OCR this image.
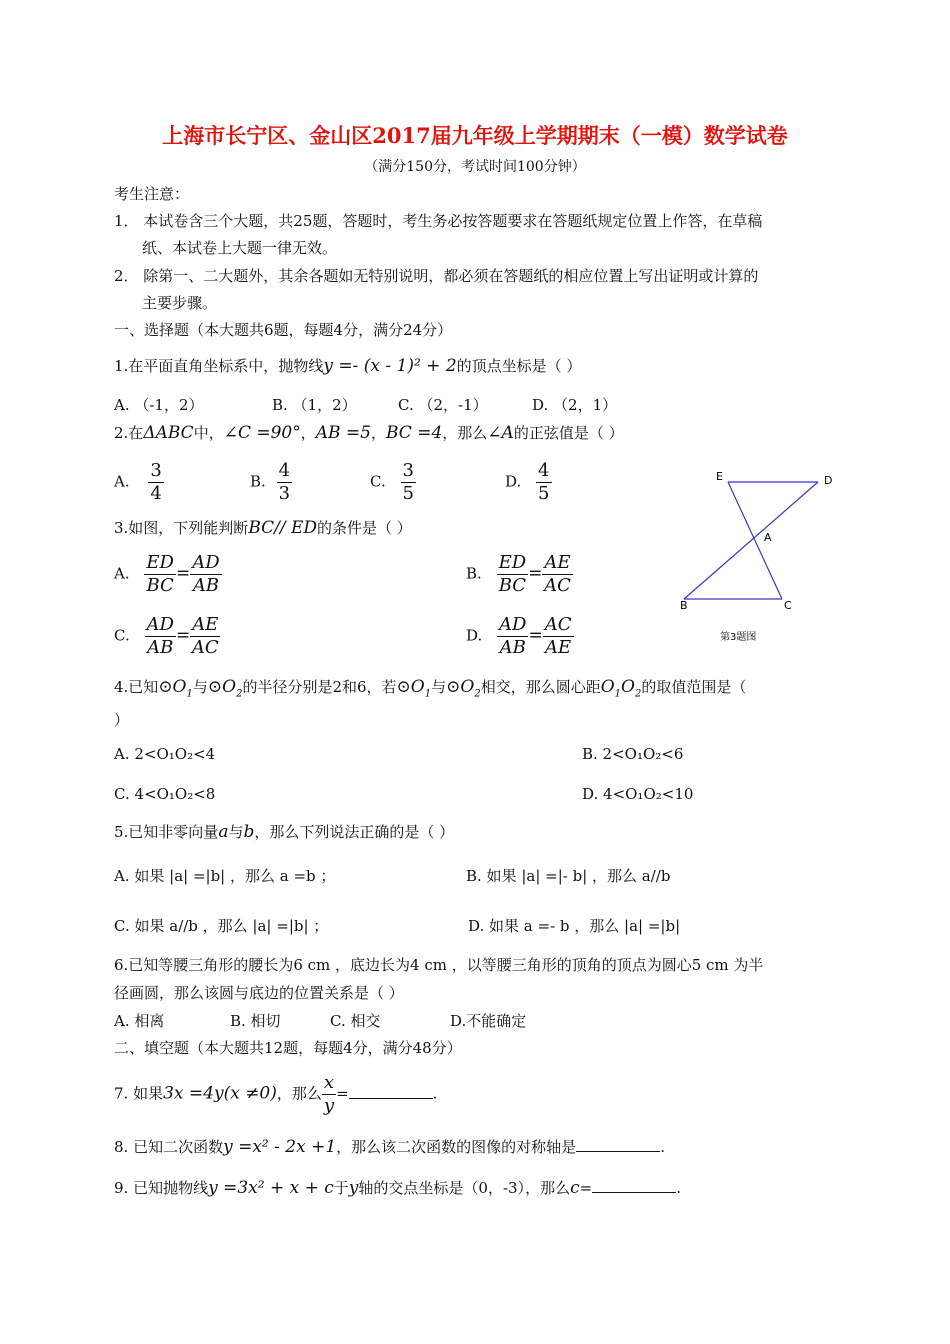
上海市长宁区、金山区2017届九年级上学期期末（一模）数学试卷
（满分150分，考试时间100分钟）
考生注意：
1． 本试卷含三个大题，共25题，答题时，考生务必按答题要求在答题纸规定位置上作答，在草稿
纸、本试卷上大题一律无效。
2． 除第一、二大题外，其余各题如无特别说明，都必须在答题纸的相应位置上写出证明或计算的
主要步骤。
一、选择题（本大题共6题，每题4分，满分24分）
1.在平面直角坐标系中，抛物线y =- (x - 1)² + 2的顶点坐标是（ ）
A. （-1，2）	B. （1，2）	C. （2，-1）	D. （2，1）
2.在ΔABC中，∠C =90°，AB =5，BC =4，那么∠A的正弦值是（ ）
A. $\frac{3}{4}$	B. $\frac{4}{3}$	C. $\frac{3}{5}$	D. $\frac{4}{5}$
3.如图，下列能判断BC// ED的条件是（ ）
A. $\frac{ED}{BC} = \frac{AD}{AB}$	B. $\frac{ED}{BC} = \frac{AE}{AC}$
C. $\frac{AD}{AB} = \frac{AE}{AC}$	D. $\frac{AD}{AB} = \frac{AC}{AE}$
E	D
A
B	C
第3题图
4.已知$⊙O_1$与$⊙O_2$的半径分别是2和6，若$⊙O_1$与$⊙O_2$相交，那么圆心距$O_1O_2$的取值范围是（
）
A. 2<O₁O₂<4	B. 2<O₁O₂<6
C. 4<O₁O₂<8	D. 4<O₁O₂<10
5.已知非零向量a与b，那么下列说法正确的是（ ）
A. 如果 |a| =|b| ，那么 a =b ；	B. 如果 |a| =|- b| ，那么 a//b
C. 如果 a//b ，那么 |a| =|b| ；	D. 如果 a =- b ，那么 |a| =|b|
6.已知等腰三角形的腰长为6 cm ，底边长为4 cm ，以等腰三角形的顶角的顶点为圆心5 cm 为半
径画圆，那么该圆与底边的位置关系是（ ）
A. 相离	B. 相切	C. 相交	D.不能确定
二、填空题（本大题共12题，每题4分，满分48分）
7. 如果3x =4y(x ≠0)，那么 $\frac{x}{y}$ =	.
8. 已知二次函数y =x² - 2x +1，那么该二次函数的图像的对称轴是	.
9. 已知抛物线y =3x² + x + c于y轴的交点坐标是（0，-3），那么c=	.
